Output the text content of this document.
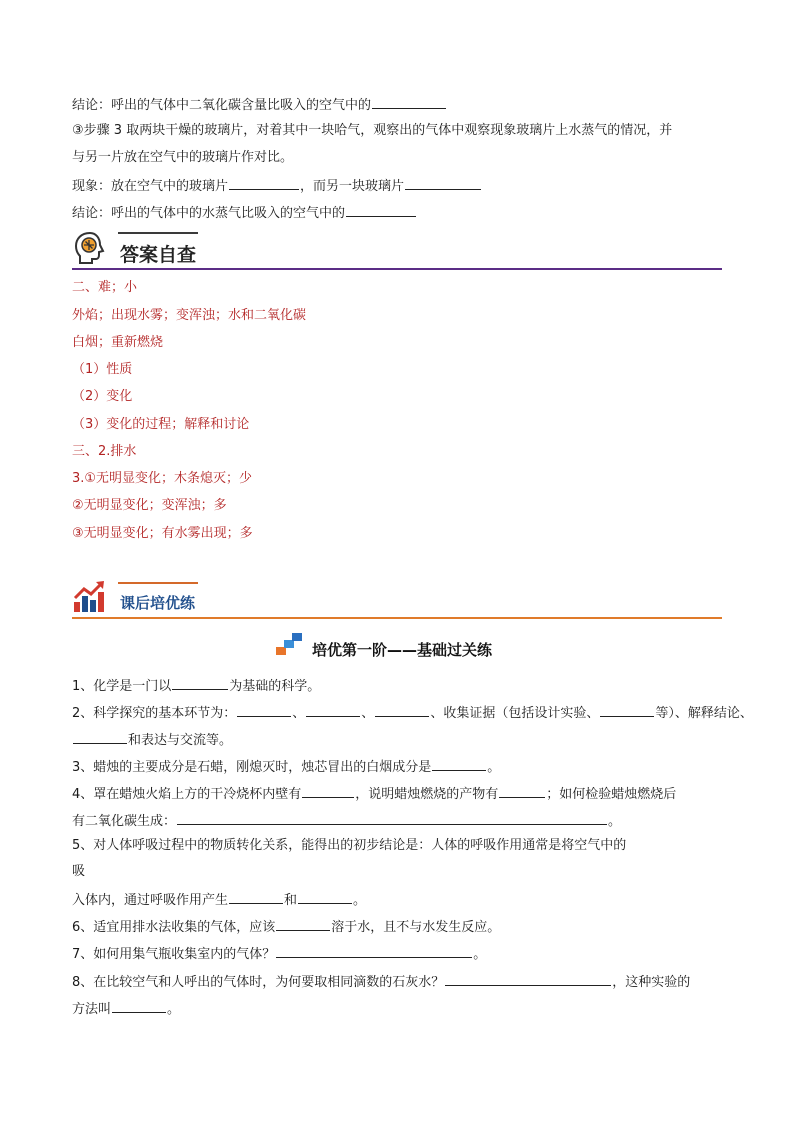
结论：呼出的气体中二氧化碳含量比吸入的空气中的
③步骤 3 取两块干燥的玻璃片，对着其中一块哈气，观察出的气体中观察现象玻璃片上水蒸气的情况，并
与另一片放在空气中的玻璃片作对比。
现象：放在空气中的玻璃片	，而另一块玻璃片
结论：呼出的气体中的水蒸气比吸入的空气中的
答案自查
二、难；小
外焰；出现水雾；变浑浊；水和二氧化碳
白烟；重新燃烧
（1）性质
（2）变化
（3）变化的过程；解释和讨论
三、2.排水
3.①无明显变化；木条熄灭；少
②无明显变化；变浑浊；多
③无明显变化；有水雾出现；多
课后培优练
培优第一阶——基础过关练
1、化学是一门以	为基础的科学。
2、科学探究的基本环节为：	、	、	、收集证据（包括设计实验、	等）、解释结论、
和表达与交流等。
3、蜡烛的主要成分是石蜡，刚熄灭时，烛芯冒出的白烟成分是	。
4、罩在蜡烛火焰上方的干冷烧杯内壁有	，说明蜡烛燃烧的产物有	；如何检验蜡烛燃烧后
有二氧化碳生成：	。
5、对人体呼吸过程中的物质转化关系，能得出的初步结论是：人体的呼吸作用通常是将空气中的
吸
入体内，通过呼吸作用产生	和	。
6、适宜用排水法收集的气体，应该	溶于水，且不与水发生反应。
7、如何用集气瓶收集室内的气体？	。
8、在比较空气和人呼出的气体时，为何要取相同滴数的石灰水？	，这种实验的
方法叫	。
